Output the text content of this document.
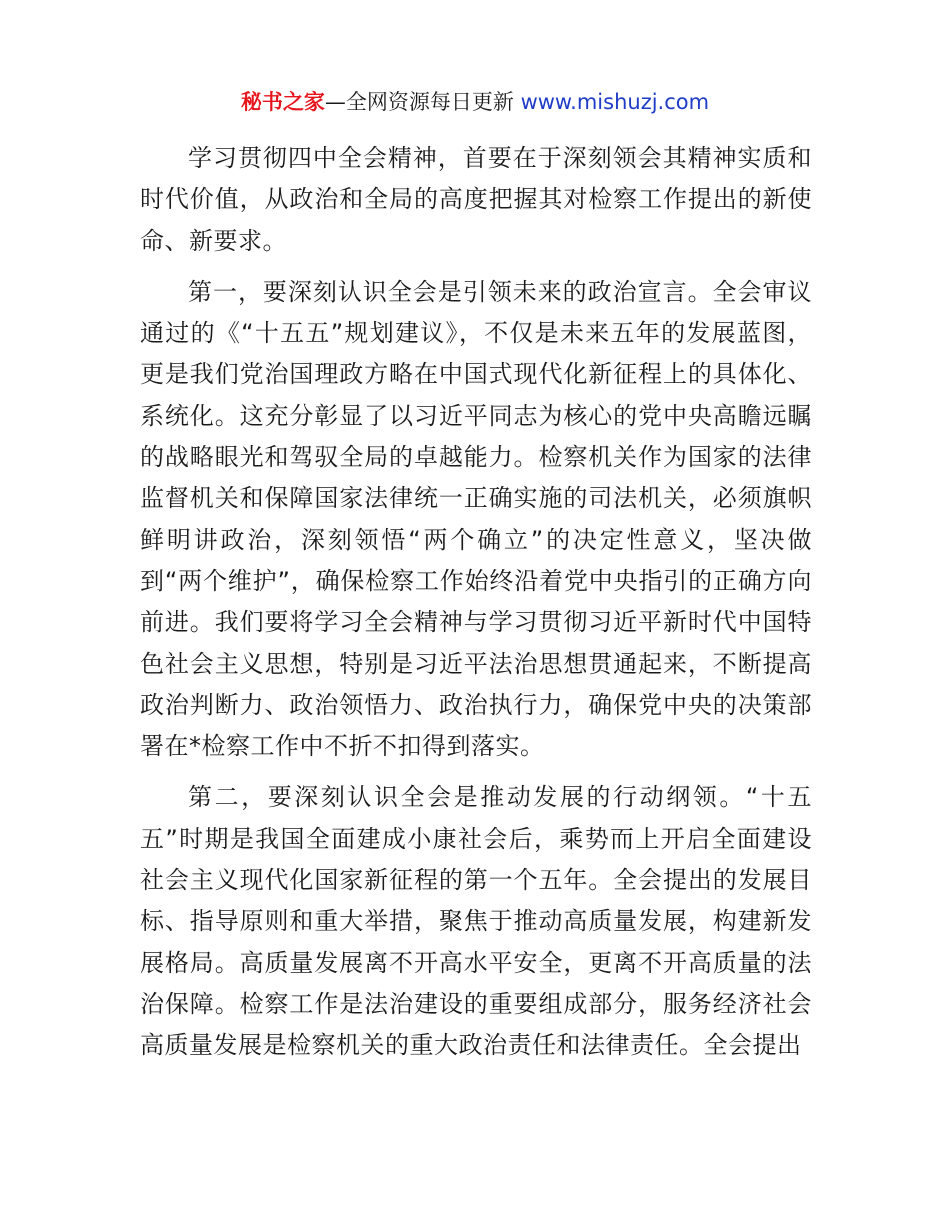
秘书之家—全网资源每日更新 www.mishuzj.com

学习贯彻四中全会精神，首要在于深刻领会其精神实质和时代价值，从政治和全局的高度把握其对检察工作提出的新使命、新要求。

第一，要深刻认识全会是引领未来的政治宣言。全会审议通过的《“十五五”规划建议》，不仅是未来五年的发展蓝图，更是我们党治国理政方略在中国式现代化新征程上的具体化、系统化。这充分彰显了以习近平同志为核心的党中央高瞻远瞩的战略眼光和驾驭全局的卓越能力。检察机关作为国家的法律监督机关和保障国家法律统一正确实施的司法机关，必须旗帜鲜明讲政治，深刻领悟“两个确立”的决定性意义，坚决做到“两个维护”，确保检察工作始终沿着党中央指引的正确方向前进。我们要将学习全会精神与学习贯彻习近平新时代中国特色社会主义思想，特别是习近平法治思想贯通起来，不断提高政治判断力、政治领悟力、政治执行力，确保党中央的决策部署在*检察工作中不折不扣得到落实。

第二，要深刻认识全会是推动发展的行动纲领。“十五五”时期是我国全面建成小康社会后，乘势而上开启全面建设社会主义现代化国家新征程的第一个五年。全会提出的发展目标、指导原则和重大举措，聚焦于推动高质量发展，构建新发展格局。高质量发展离不开高水平安全，更离不开高质量的法治保障。检察工作是法治建设的重要组成部分，服务经济社会高质量发展是检察机关的重大政治责任和法律责任。全会提出
